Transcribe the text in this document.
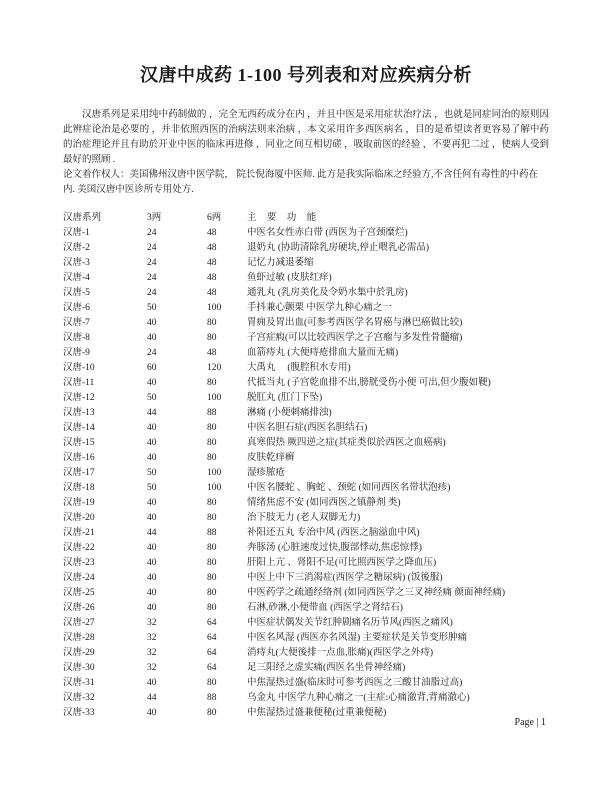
汉唐中成药 1-100 号列表和对应疾病分析

汉唐系列是采用纯中药制做的 ，完全无西药成分在内 ，并且中医是采用症状治疗法 ，也就是同症同治的原则因此辨症论治是必要的 ，并非依照西医的治病法则来治病 ，本文采用许多西医病名 ，目的是希望读者更容易了解中药的治症理论并且有助於开业中医的临床再进修 ，同业之间互相切磋 ，吸取前医的经验 ，不要再犯二过 ，使病人受到最好的照顾 .

论文着作权人：美国佛州汉唐中医学院， 院长倪海厦中医师. 此方是我实际临床之经验方,不含任何有毒性的中药在内. 美国汉唐中医诊所专用处方.

汉唐系列	3两	6两	主 要 功 能
汉唐-1	24	48	中医名女性赤白带 (西医为子宫颈糜烂)
汉唐-2	24	48	退奶丸 (协助清除乳房硬块,停止喂乳必需品)
汉唐-3	24	48	记忆力减退萎缩
汉唐-4	24	48	鱼虾过敏 (皮肤红痒)
汉唐-5	24	48	通乳丸 (乳房美化及令奶水集中於乳房)
汉唐-6	50	100	手抖兼心颤栗 中医学九种心痛之一
汉唐-7	40	80	胃痈及胃出血(可参考西医学名胃癌与淋巴癌做比较)
汉唐-8	40	80	子宫症瘕(可以比较西医学之子宫瘤与多发性骨髓瘤)
汉唐-9	24	48	血箭痔丸 (大便痔疮排血大量而无痛)
汉唐-10	60	120	大禹丸　 (腹腔积水专用)
汉唐-11	40	80	代抵当丸 (子宫乾血排不出,膀胱受伤小便 可出,但少腹如鞕)
汉唐-12	50	100	脱肛丸 (肛门下坠)
汉唐-13	44	88	淋痛 (小便刺痛排浊)
汉唐-14	40	80	中医名胆石症(西医名胆结石)
汉唐-15	40	80	真寒假热 厥四逆之症(其症类似於西医之血癌病)
汉唐-16	40	80	皮肤乾痒癣
汉唐-17	50	100	湿疹脓疮
汉唐-18	50	100	中医名腰蛇 、胸蛇 、颈蛇 (如同西医名带状泡疹)
汉唐-19	40	80	情绪焦虑不安 (如同西医之镇静剂 类)
汉唐-20	40	80	治下肢无力 (老人双脚无力)
汉唐-21	44	88	补阳还五丸 专治中风 (西医之脑溢血中风)
汉唐-22	40	80	奔豚汤 (心脏速度过快,腹部悸动,焦虑惊悸)
汉唐-23	40	80	肝阳上亢 、肾阳不足(可比照西医学之降血压)
汉唐-24	40	80	中医上中下三消渴症(西医学之糖尿病) (饭後服)
汉唐-25	40	80	中医药学之疏通经络剂 (如同西医学之三叉神经痛 颜面神经痛)
汉唐-26	40	80	石淋,砂淋,小便带血 (西医学之肾结石)
汉唐-27	32	64	中医症状偶发关节红肿剧痛名历节风(西医之痛风)
汉唐-28	32	64	中医名风湿 (西医亦名风湿) 主要症状是关节变形肿痛
汉唐-29	32	64	消痔丸(大便後排一点血,胀痛)(西医学之外痔)
汉唐-30	32	64	足三阳经之虚实痛(西医名坐骨神经痛)
汉唐-31	40	80	中焦湿热过盛(临床时可参考西医之三酸甘油脂过高)
汉唐-32	44	88	乌金丸 中医学九种心痛之一(主症:心痛澈背,背痛澈心)
汉唐-33	40	80	中焦湿热过盛兼便秘(过重兼便秘)
Page | 1
